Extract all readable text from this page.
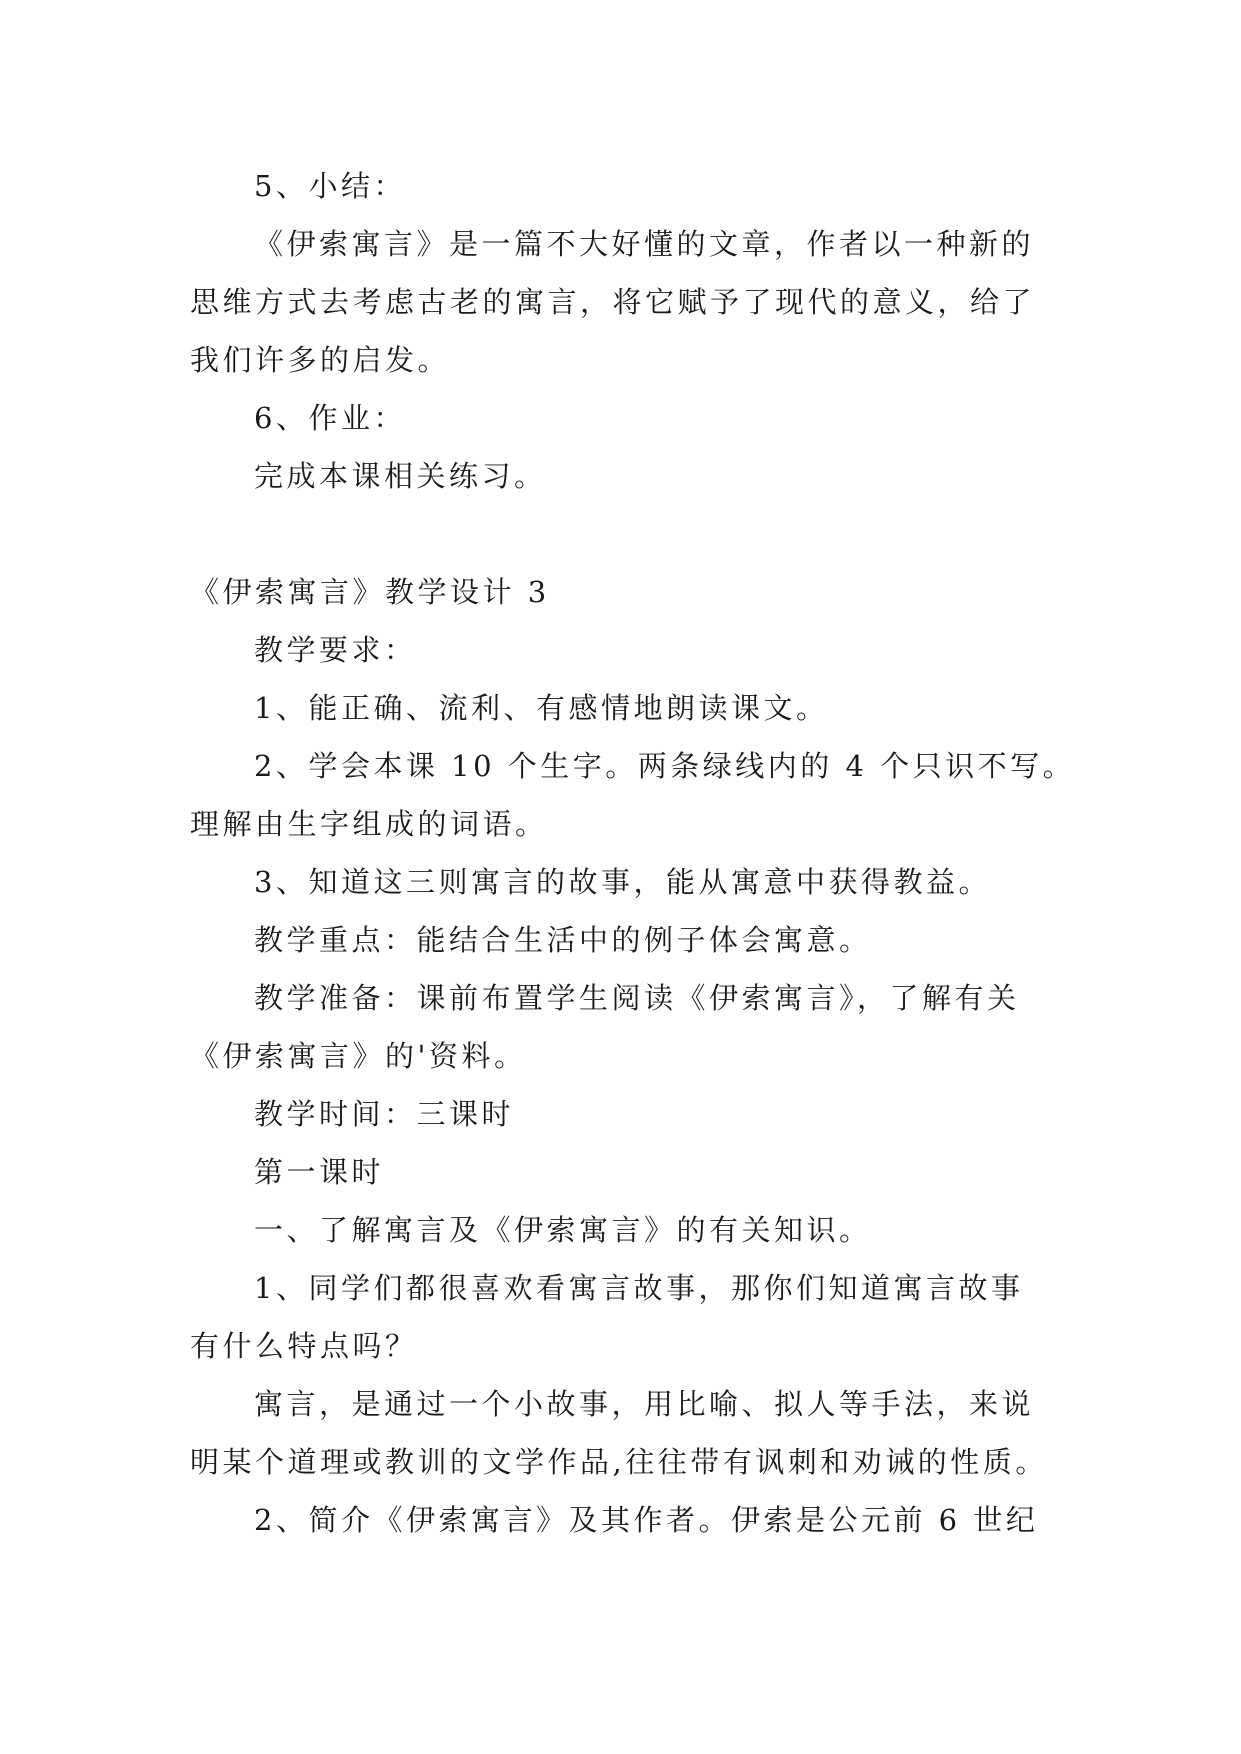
5、小结：
《伊索寓言》是一篇不大好懂的文章，作者以一种新的
思维方式去考虑古老的寓言，将它赋予了现代的意义，给了
我们许多的启发。
6、作业：
完成本课相关练习。
《伊索寓言》教学设计 3
教学要求：
1、能正确、流利、有感情地朗读课文。
2、学会本课 10 个生字。两条绿线内的 4 个只识不写。
理解由生字组成的词语。
3、知道这三则寓言的故事，能从寓意中获得教益。
教学重点：能结合生活中的例子体会寓意。
教学准备：课前布置学生阅读《伊索寓言》，了解有关
《伊索寓言》的'资料。
教学时间：三课时
第一课时
一、了解寓言及《伊索寓言》的有关知识。
1、同学们都很喜欢看寓言故事，那你们知道寓言故事
有什么特点吗？
寓言，是通过一个小故事，用比喻、拟人等手法，来说
明某个道理或教训的文学作品,往往带有讽刺和劝诫的性质。
2、简介《伊索寓言》及其作者。伊索是公元前 6 世纪
